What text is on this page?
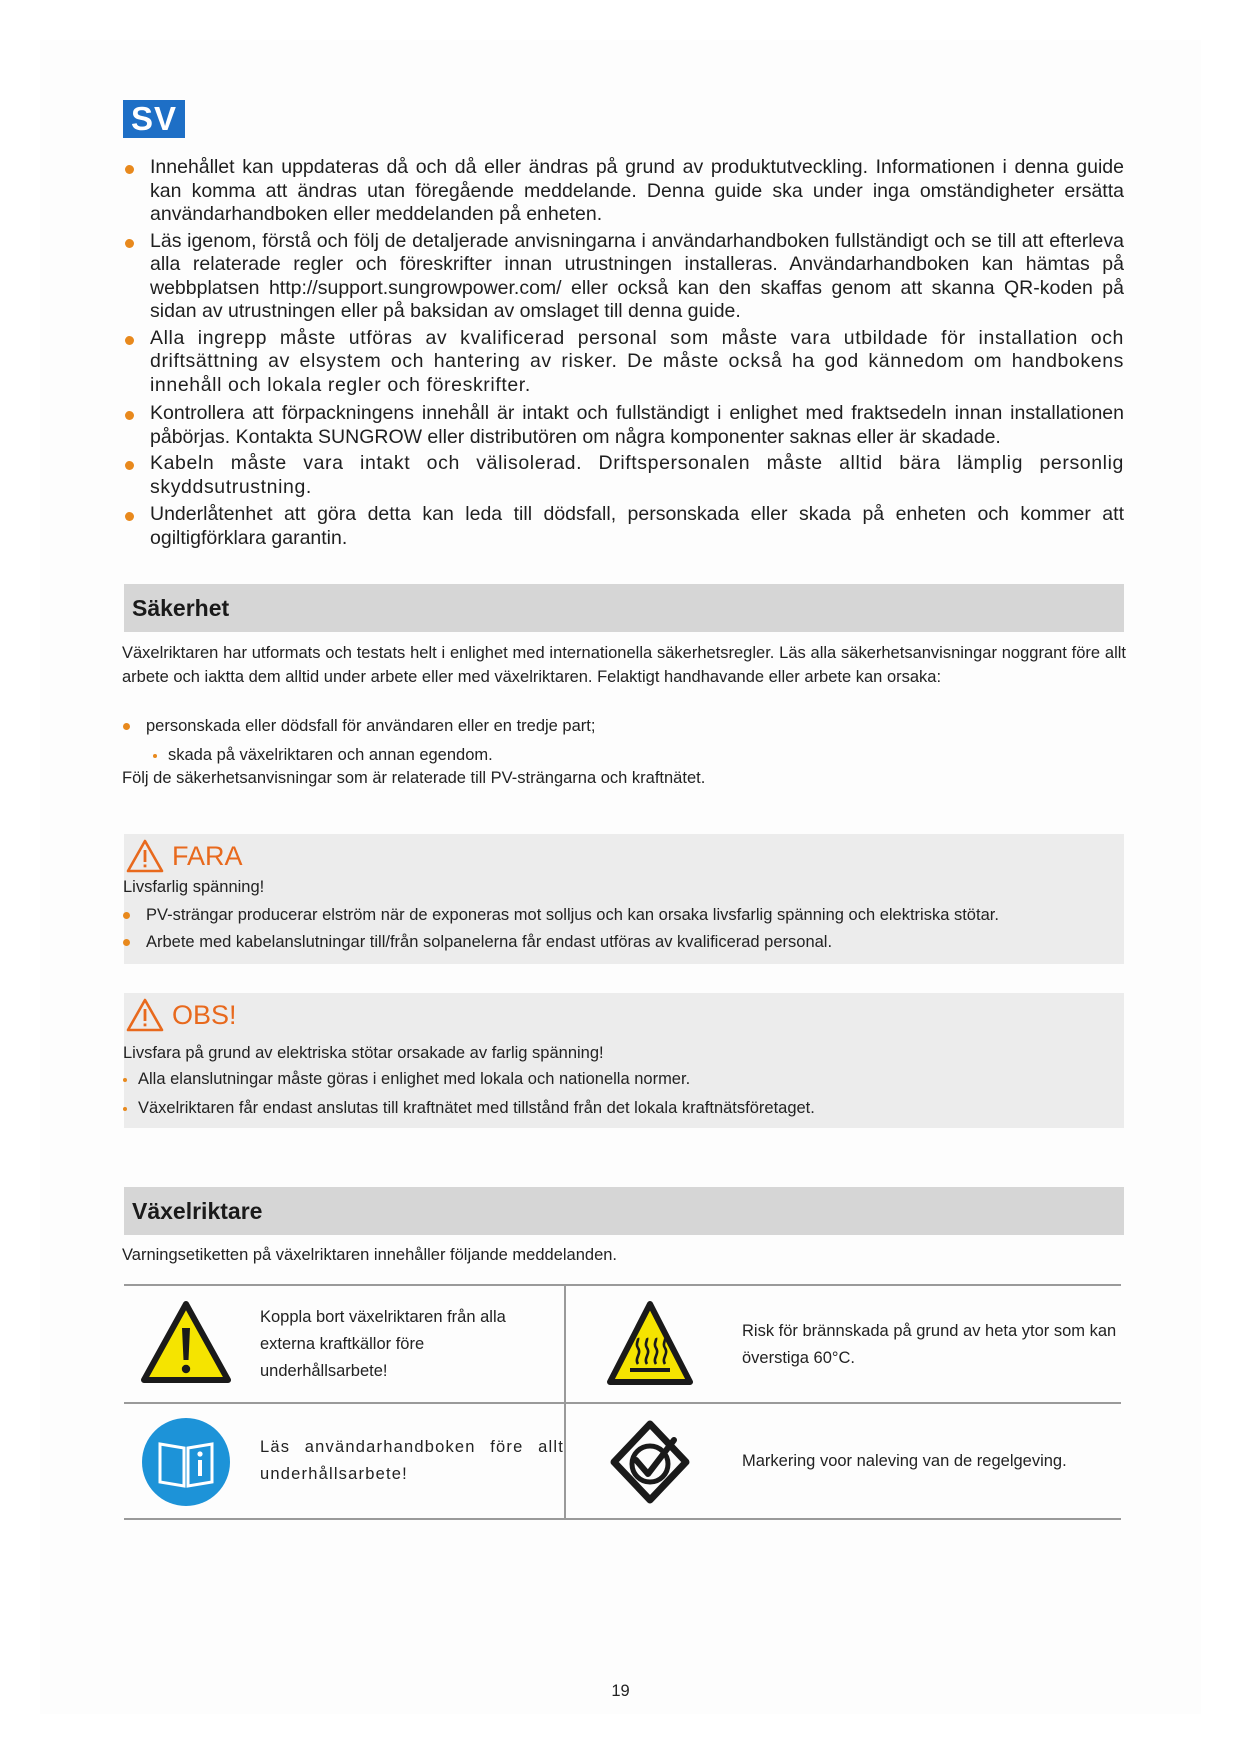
SV
Innehållet kan uppdateras då och då eller ändras på grund av produktutveckling. Informationen i denna guide kan komma att ändras utan föregående meddelande. Denna guide ska under inga omständigheter ersätta användarhandboken eller meddelanden på enheten.
Läs igenom, förstå och följ de detaljerade anvisningarna i användarhandboken fullständigt och se till att efterleva alla relaterade regler och föreskrifter innan utrustningen installeras. Användarhandboken kan hämtas på webbplatsen http://support.sungrowpower.com/ eller också kan den skaffas genom att skanna QR-koden på sidan av utrustningen eller på baksidan av omslaget till denna guide.
Alla ingrepp måste utföras av kvalificerad personal som måste vara utbildade för installation och driftsättning av elsystem och hantering av risker. De måste också ha god kännedom om handbokens innehåll och lokala regler och föreskrifter.
Kontrollera att förpackningens innehåll är intakt och fullständigt i enlighet med fraktsedeln innan installationen påbörjas. Kontakta SUNGROW eller distributören om några komponenter saknas eller är skadade.
Kabeln måste vara intakt och välisolerad. Driftspersonalen måste alltid bära lämplig personlig skyddsutrustning.
Underlåtenhet att göra detta kan leda till dödsfall, personskada eller skada på enheten och kommer att ogiltigförklara garantin.
Säkerhet
Växelriktaren har utformats och testats helt i enlighet med internationella säkerhetsregler. Läs alla säkerhetsanvisningar noggrant före allt arbete och iaktta dem alltid under arbete eller med växelriktaren. Felaktigt handhavande eller arbete kan orsaka:
personskada eller dödsfall för användaren eller en tredje part;
skada på växelriktaren och annan egendom.
Följ de säkerhetsanvisningar som är relaterade till PV-strängarna och kraftnätet.
FARA
Livsfarlig spänning!
PV-strängar producerar elström när de exponeras mot solljus och kan orsaka livsfarlig spänning och elektriska stötar.
Arbete med kabelanslutningar till/från solpanelerna får endast utföras av kvalificerad personal.
OBS!
Livsfara på grund av elektriska stötar orsakade av farlig spänning!
Alla elanslutningar måste göras i enlighet med lokala och nationella normer.
Växelriktaren får endast anslutas till kraftnätet med tillstånd från det lokala kraftnätsföretaget.
Växelriktare
Varningsetiketten på växelriktaren innehåller följande meddelanden.
Koppla bort växelriktaren från alla externa kraftkällor före underhållsarbete!
Risk för brännskada på grund av heta ytor som kan överstiga 60°C.
Läs användarhandboken före allt underhållsarbete!
Markering voor naleving van de regelgeving.
19
